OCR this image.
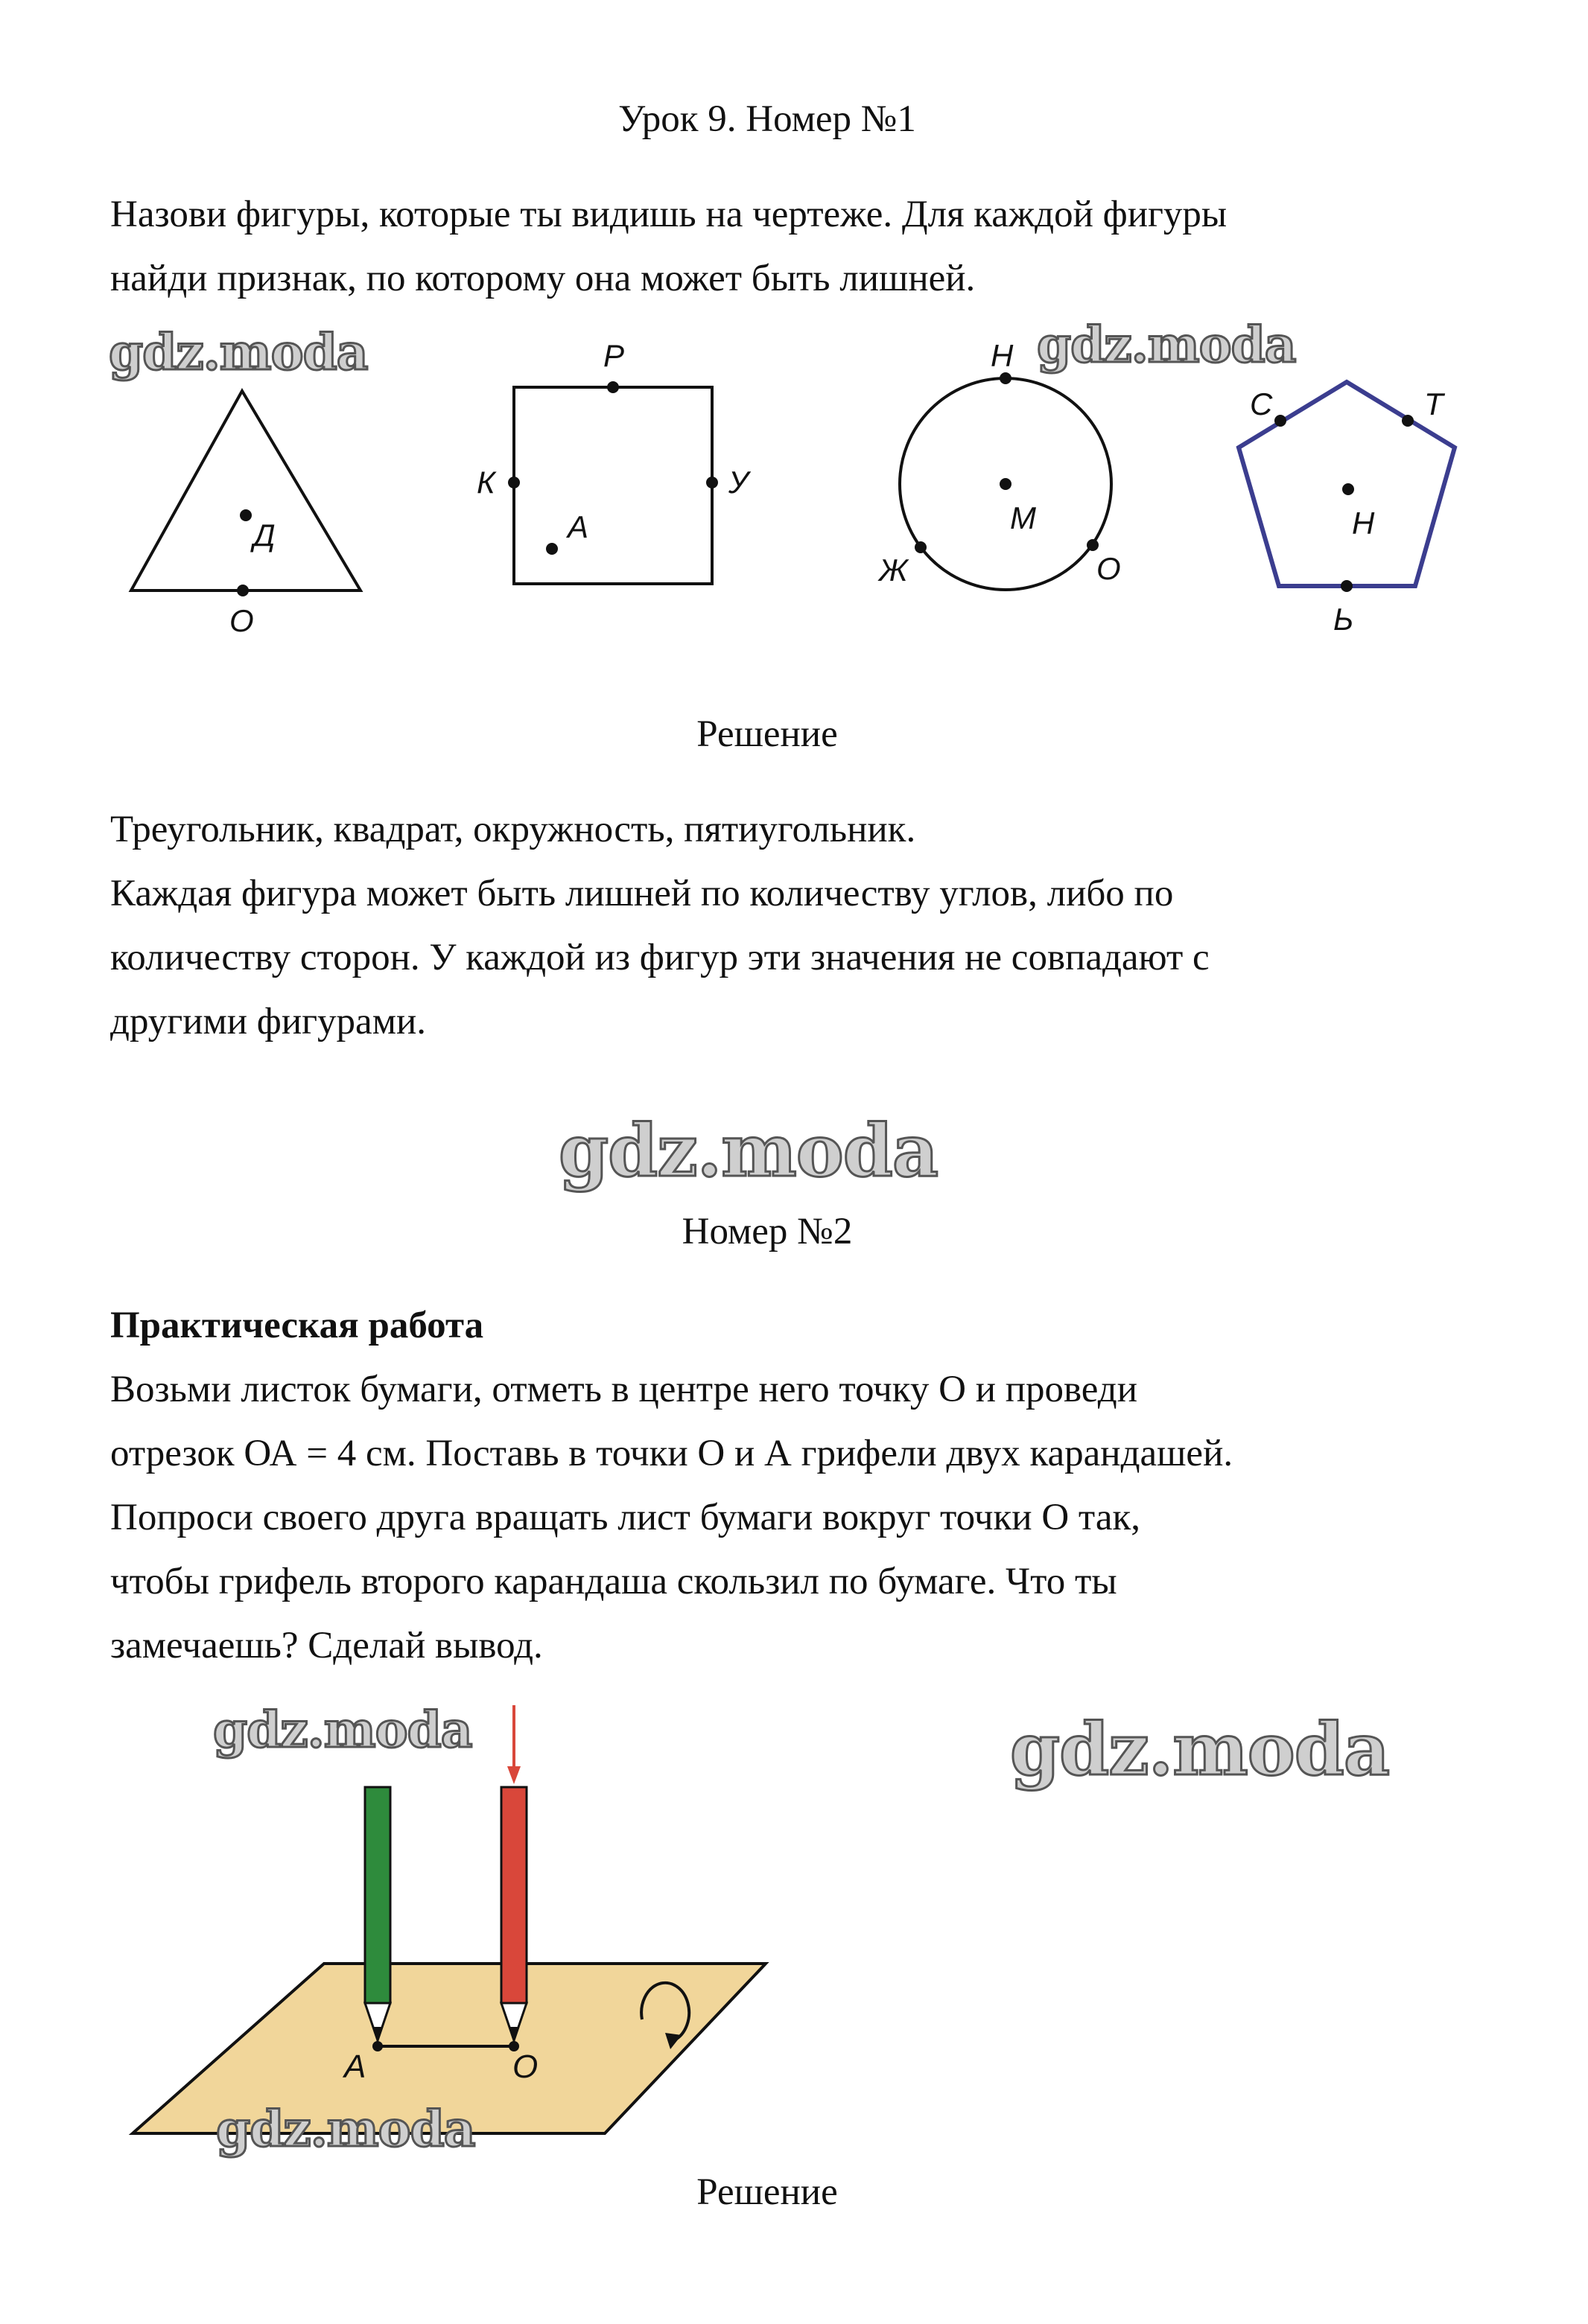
Урок 9. Номер №1
Назови фигуры, которые ты видишь на чертеже. Для каждой фигуры
найди признак, по которому она может быть лишней.
Д
О
Р
К	У
А
Н
М
Ж	О
С	Т
Н
Ь
А	О
gdz.moda	gdz.moda
gdz.moda
gdz.moda	gdz.moda
gdz.moda
Решение
Треугольник, квадрат, окружность, пятиугольник.
Каждая фигура может быть лишней по количеству углов, либо по
количеству сторон. У каждой из фигур эти значения не совпадают с
другими фигурами.
Номер №2
Практическая работа
Возьми листок бумаги, отметь в центре него точку О и проведи
отрезок ОА = 4 см. Поставь в точки О и А грифели двух карандашей.
Попроси своего друга вращать лист бумаги вокруг точки О так,
чтобы грифель второго карандаша скользил по бумаге. Что ты
замечаешь? Сделай вывод.
Решение
